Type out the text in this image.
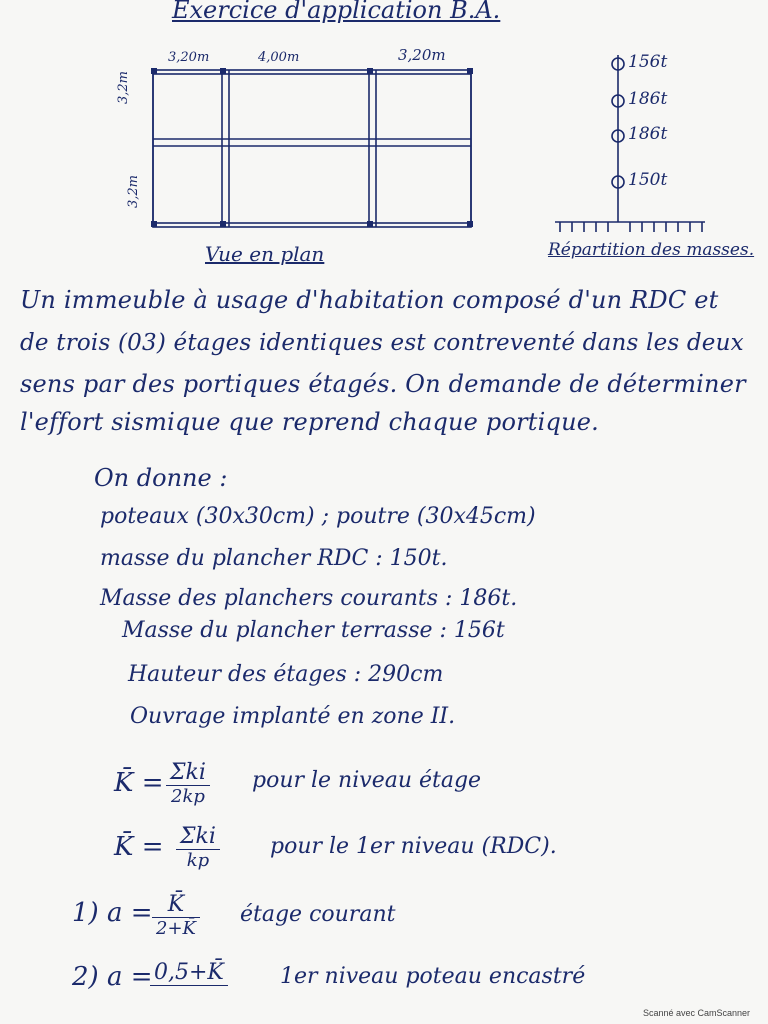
Exercice d'application B.A.
3,20m	4,00m	3,20m
3,2m
3,2m
Vue en plan
156t
186t
186t
150t
Répartition des masses.
Un immeuble à usage d'habitation composé d'un RDC et
de trois (03) étages identiques est contreventé dans les deux
sens par des portiques étagés. On demande de déterminer
l'effort sismique que reprend chaque portique.
On donne :
poteaux (30x30cm) ; poutre (30x45cm)
masse du plancher RDC : 150t.
Masse des planchers courants : 186t.
Masse du plancher terrasse : 156t
Hauteur des étages : 290cm
Ouvrage implanté en zone II.
K̄ = Σki
2kp
pour le niveau étage
K̄ = Σki
kp
pour le 1er niveau (RDC).
1) a = K̄
2+K̄
étage courant
2) a = 0,5+K̄	1er niveau poteau encastré
Scanné avec CamScanner
